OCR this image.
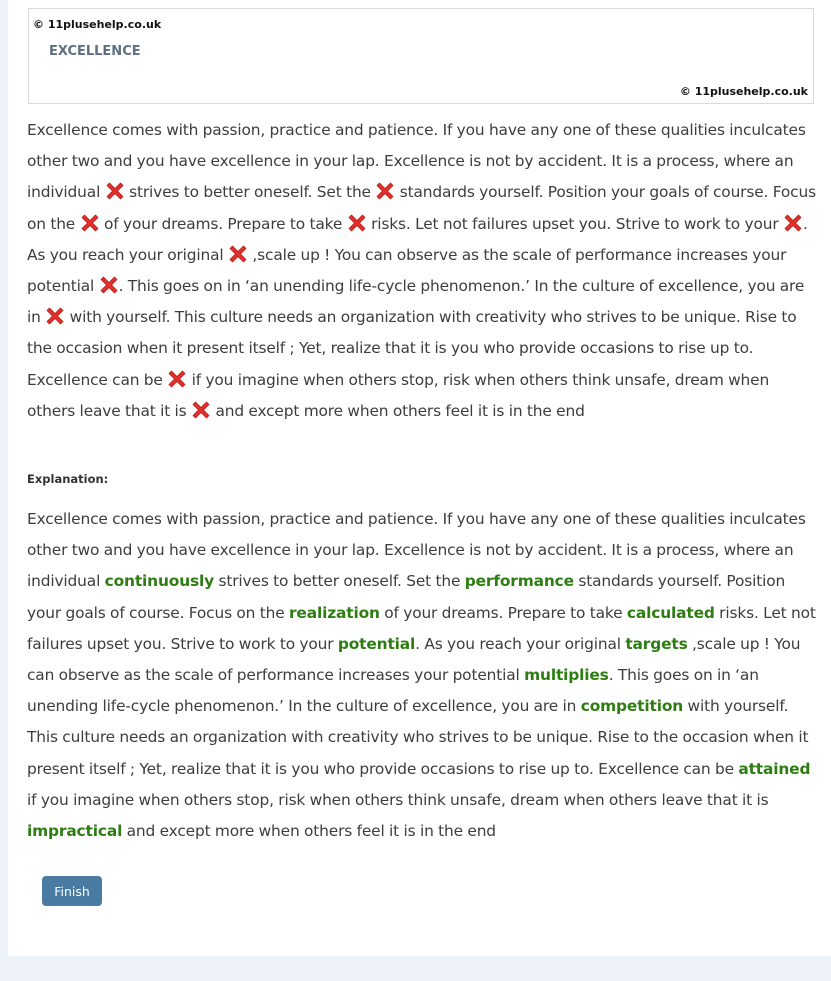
© 11plusehelp.co.uk
EXCELLENCE
© 11plusehelp.co.uk
Excellence comes with passion, practice and patience. If you have any one of these qualities inculcates other two and you have excellence in your lap. Excellence is not by accident. It is a process, where an individual  strives to better oneself. Set the  standards yourself. Position your goals of course. Focus on the  of your dreams. Prepare to take  risks. Let not failures upset you. Strive to work to your . As you reach your original  ,scale up ! You can observe as the scale of performance increases your potential . This goes on in ‘an unending life-cycle phenomenon.’ In the culture of excellence, you are in  with yourself. This culture needs an organization with creativity who strives to be unique. Rise to the occasion when it present itself ; Yet, realize that it is you who provide occasions to rise up to. Excellence can be  if you imagine when others stop, risk when others think unsafe, dream when others leave that it is  and except more when others feel it is in the end
Explanation:
Excellence comes with passion, practice and patience. If you have any one of these qualities inculcates other two and you have excellence in your lap. Excellence is not by accident. It is a process, where an individual continuously strives to better oneself. Set the performance standards yourself. Position your goals of course. Focus on the realization of your dreams. Prepare to take calculated risks. Let not failures upset you. Strive to work to your potential. As you reach your original targets ,scale up ! You can observe as the scale of performance increases your potential multiplies. This goes on in ‘an unending life-cycle phenomenon.’ In the culture of excellence, you are in competition with yourself. This culture needs an organization with creativity who strives to be unique. Rise to the occasion when it present itself ; Yet, realize that it is you who provide occasions to rise up to. Excellence can be attained if you imagine when others stop, risk when others think unsafe, dream when others leave that it is impractical and except more when others feel it is in the end
Finish
